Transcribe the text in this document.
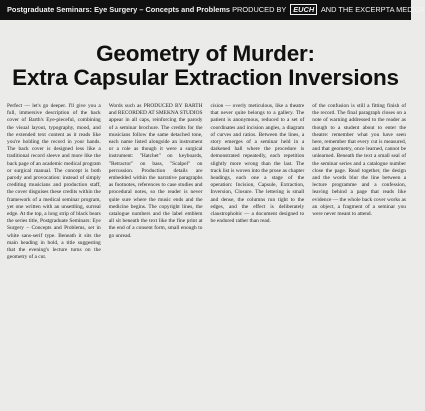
Postgraduate Seminars: Eye Surgery – Concepts and Problems PRODUCED BY EUCH AND THE EXCERPTA MEDICA
Geometry of Murder:
Extra Capsular Extraction Inversions

Perfect — let's go deeper. I'll give you a full, immersive description of the back cover of Barth's Eye-pieceful, combining the visual layout, typography, mood, and the extended text content as it reads like you're holding the record in your hands. The back cover is designed less like a traditional record sleeve and more like the back page of an academic medical program or surgical manual. The concept is both parody and provocation: instead of simply crediting musicians and production staff, the cover disguises these credits within the framework of a medical seminar program, yet one written with an unsettling, surreal edge. At the top, a long strip of black bears the series title, Postgraduate Seminars: Eye Surgery – Concepts and Problems, set in white sans-serif type. Beneath it sits the main heading in bold, a title suggesting that the evening's lecture turns on the geometry of a cut.

Words such as PRODUCED BY BARTH and RECORDED AT SMEKNA STUDIOS appear in all caps, reinforcing the parody of a seminar brochure. The credits for the musicians follow the same detached tone, each name listed alongside an instrument or a role as though it were a surgical instrument: "Hatchet" on keyboards, "Retractor" on bass, "Scalpel" on percussion. Production details are embedded within the narrative paragraphs as footnotes, references to case studies and procedural notes, so the reader is never quite sure where the music ends and the medicine begins. The copyright lines, the catalogue numbers and the label emblem all sit beneath the text like the fine print at the end of a consent form, small enough to go unread.

cision — overly meticulous, like a theatre that never quite belongs to a gallery. The patient is anonymous, reduced to a set of coordinates and incision angles, a diagram of curves and ratios. Between the lines, a story emerges of a seminar held in a darkened hall where the procedure is demonstrated repeatedly, each repetition slightly more wrong than the last. The track list is woven into the prose as chapter headings, each one a stage of the operation: Incision, Capsule, Extraction, Inversion, Closure. The lettering is small and dense, the columns run tight to the edges, and the effect is deliberately claustrophobic — a document designed to be endured rather than read.

of the confusion is still a fitting finish of the record. The final paragraph closes on a note of warning addressed to the reader as though to a student about to enter the theatre: remember what you have seen here, remember that every cut is measured, and that geometry, once learned, cannot be unlearned. Beneath the text a small seal of the seminar series and a catalogue number close the page. Read together, the design and the words blur the line between a lecture programme and a confession, leaving behind a page that reads like evidence — the whole back cover works as an object, a fragment of a seminar you were never meant to attend.
